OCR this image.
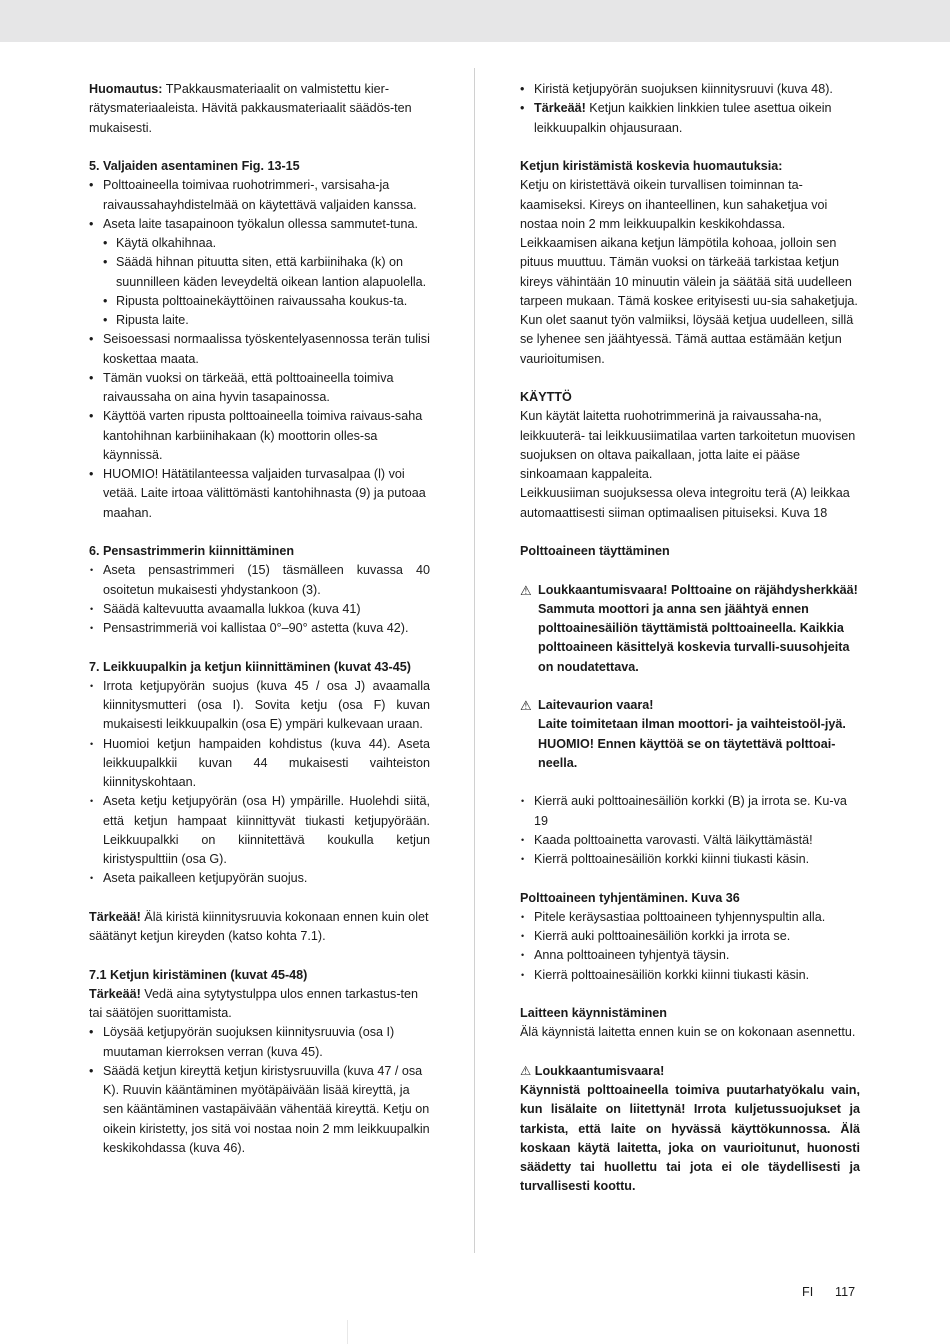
Huomautus: TPakkausmateriaalit on valmistettu kier-rätysmateriaaleista. Hävitä pakkausmateriaalit säädös-ten mukaisesti.

5. Valjaiden asentaminen Fig. 13-15

• Polttoaineella toimivaa ruohotrimmeri-, varsisaha-ja raivaussahayhdistelmää on käytettävä valjaiden kanssa.
• Aseta laite tasapainoon työkalun ollessa sammutet-tuna.
• Käytä olkahihnaa.
• Säädä hihnan pituutta siten, että karbiinihaka (k) on suunnilleen käden leveydeltä oikean lantion alapuolella.
• Ripusta polttoainekäyttöinen raivaussaha koukus-ta.
• Ripusta laite.
• Seisoessasi normaalissa työskentelyasennossa terän tulisi koskettaa maata.
• Tämän vuoksi on tärkeää, että polttoaineella toimiva raivaussaha on aina hyvin tasapainossa.
• Käyttöä varten ripusta polttoaineella toimiva raivaus-saha kantohihnan karbiinihakaan (k) moottorin olles-sa käynnissä.
• HUOMIO! Hätätilanteessa valjaiden turvasalpaa (l) voi vetää. Laite irtoaa välittömästi kantohihnasta (9) ja putoaa maahan.

6. Pensastrimmerin kiinnittäminen

• Aseta pensastrimmeri (15) täsmälleen kuvassa 40 osoitetun mukaisesti yhdystankoon (3).
• Säädä kaltevuutta avaamalla lukkoa (kuva 41)
• Pensastrimmeriä voi kallistaa 0°–90° astetta (kuva 42).

7. Leikkuupalkin ja ketjun kiinnittäminen (kuvat 43-45)

• Irrota ketjupyörän suojus (kuva 45 / osa J) avaamalla kiinnitysmutteri (osa I). Sovita ketju (osa F) kuvan mukaisesti leikkuupalkin (osa E) ympäri kulkevaan uraan.
• Huomioi ketjun hampaiden kohdistus (kuva 44). Aseta leikkuupalkkii kuvan 44 mukaisesti vaihteiston kiinnityskohtaan.
• Aseta ketju ketjupyörän (osa H) ympärille. Huolehdi siitä, että ketjun hampaat kiinnittyvät tiukasti ketjupyörään. Leikkuupalkki on kiinnitettävä koukulla ketjun kiristyspulttiin (osa G).
• Aseta paikalleen ketjupyörän suojus.

Tärkeää! Älä kiristä kiinnitysruuvia kokonaan ennen kuin olet säätänyt ketjun kireyden (katso kohta 7.1).

7.1 Ketjun kiristäminen (kuvat 45-48)

Tärkeää! Vedä aina sytytystulppa ulos ennen tarkastus-ten tai säätöjen suorittamista.

• Löysää ketjupyörän suojuksen kiinnitysruuvia (osa I) muutaman kierroksen verran (kuva 45).
• Säädä ketjun kireyttä ketjun kiristysruuvilla (kuva 47 / osa K). Ruuvin kääntäminen myötäpäivään lisää kireyttä, ja sen kääntäminen vastapäivään vähentää kireyttä. Ketju on oikein kiristetty, jos sitä voi nostaa noin 2 mm leikkuupalkin keskikohdassa (kuva 46).
• Kiristä ketjupyörän suojuksen kiinnitysruuvi (kuva 48).
• Tärkeää! Ketjun kaikkien linkkien tulee asettua oikein leikkuupalkin ohjausuraan.

Ketjun kiristämistä koskevia huomautuksia:

Ketju on kiristettävä oikein turvallisen toiminnan ta-kaamiseksi. Kireys on ihanteellinen, kun sahaketjua voi nostaa noin 2 mm leikkuupalkin keskikohdassa. Leikkaamisen aikana ketjun lämpötila kohoaa, jolloin sen pituus muuttuu. Tämän vuoksi on tärkeää tarkistaa ketjun kireys vähintään 10 minuutin välein ja säätää sitä uudelleen tarpeen mukaan. Tämä koskee erityisesti uu-sia sahaketjuja. Kun olet saanut työn valmiiksi, löysää ketjua uudelleen, sillä se lyhenee sen jäähtyessä. Tämä auttaa estämään ketjun vaurioitumisen.

KÄYTTÖ

Kun käytät laitetta ruohotrimmerinä ja raivaussaha-na, leikkuuterä- tai leikkuusiimatilaa varten tarkoitetun muovisen suojuksen on oltava paikallaan, jotta laite ei pääse sinkoamaan kappaleita.

Leikkuusiiman suojuksessa oleva integroitu terä (A) leikkaa automaattisesti siiman optimaalisen pituiseksi. Kuva 18

Polttoaineen täyttäminen

⚠ Loukkaantumisvaara! Polttoaine on räjähdysherkkää!

Sammuta moottori ja anna sen jäähtyä ennen polttoainesäiliön täyttämistä polttoaineella. Kaikkia polttoaineen käsittelyä koskevia turvalli-suusohjeita on noudatettava.

⚠ Laitevaurion vaara!

Laite toimitetaan ilman moottori- ja vaihteistoöl-jyä.

HUOMIO! Ennen käyttöä se on täytettävä polttoai-neella.

• Kierrä auki polttoainesäiliön korkki (B) ja irrota se. Ku-va 19
• Kaada polttoainetta varovasti. Vältä läikyttämästä!
• Kierrä polttoainesäiliön korkki kiinni tiukasti käsin.

Polttoaineen tyhjentäminen. Kuva 36

• Pitele keräysastiaa polttoaineen tyhjennyspultin alla.
• Kierrä auki polttoainesäiliön korkki ja irrota se.
• Anna polttoaineen tyhjentyä täysin.
• Kierrä polttoainesäiliön korkki kiinni tiukasti käsin.

Laitteen käynnistäminen

Älä käynnistä laitetta ennen kuin se on kokonaan asennettu.

⚠ Loukkaantumisvaara!

Käynnistä polttoaineella toimiva puutarhatyökalu vain, kun lisälaite on liitettynä! Irrota kuljetussuojukset ja tarkista, että laite on hyvässä käyttökunnossa. Älä koskaan käytä laitetta, joka on vaurioitunut, huonosti säädetty tai huollettu tai jota ei ole täydellisesti ja turvallisesti koottu.

FI 117
